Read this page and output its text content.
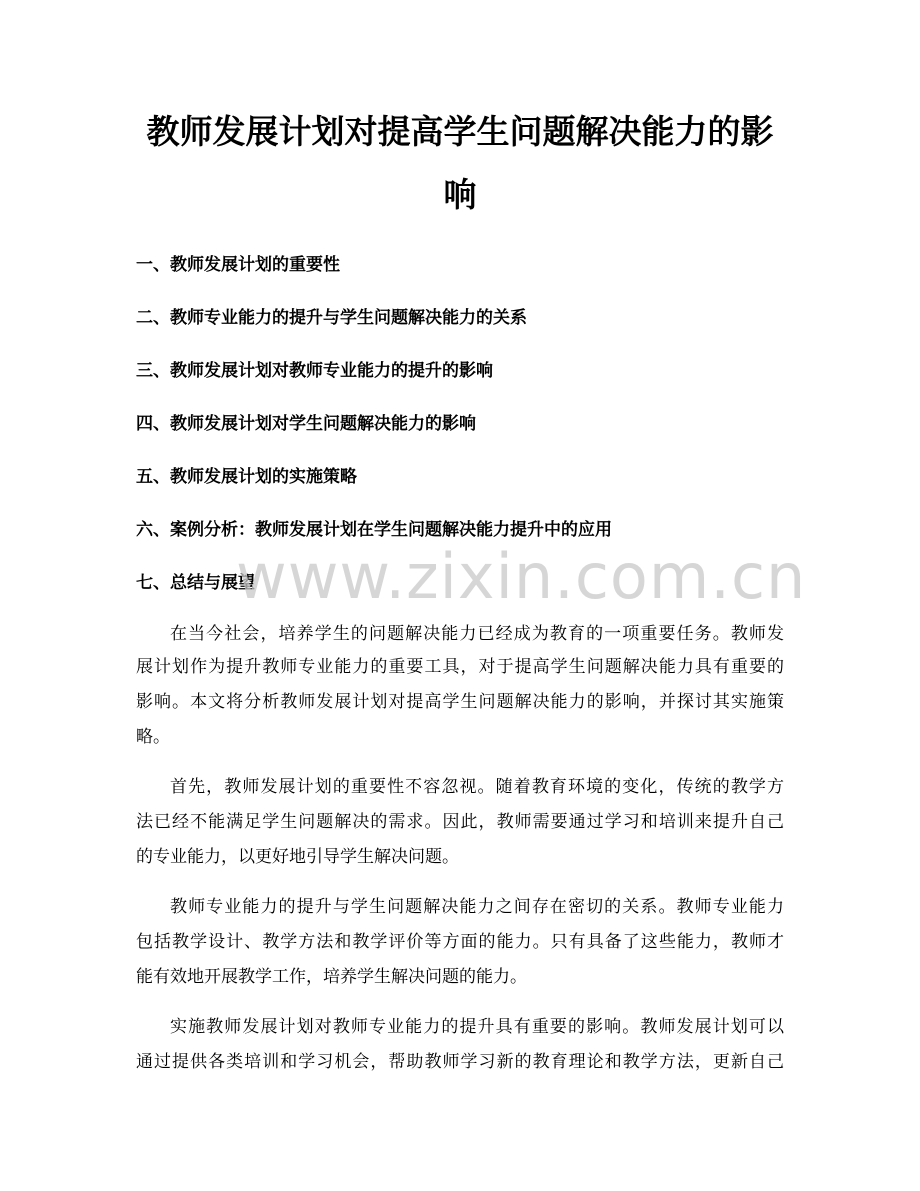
教师发展计划对提高学生问题解决能力的影
响
一、教师发展计划的重要性
二、教师专业能力的提升与学生问题解决能力的关系
三、教师发展计划对教师专业能力的提升的影响
四、教师发展计划对学生问题解决能力的影响
五、教师发展计划的实施策略
六、案例分析：教师发展计划在学生问题解决能力提升中的应用
七、总结与展望
在当今社会，培养学生的问题解决能力已经成为教育的一项重要任务。教师发
展计划作为提升教师专业能力的重要工具，对于提高学生问题解决能力具有重要的
影响。本文将分析教师发展计划对提高学生问题解决能力的影响，并探讨其实施策
略。
首先，教师发展计划的重要性不容忽视。随着教育环境的变化，传统的教学方
法已经不能满足学生问题解决的需求。因此，教师需要通过学习和培训来提升自己
的专业能力，以更好地引导学生解决问题。
教师专业能力的提升与学生问题解决能力之间存在密切的关系。教师专业能力
包括教学设计、教学方法和教学评价等方面的能力。只有具备了这些能力，教师才
能有效地开展教学工作，培养学生解决问题的能力。
实施教师发展计划对教师专业能力的提升具有重要的影响。教师发展计划可以
通过提供各类培训和学习机会，帮助教师学习新的教育理论和教学方法，更新自己
www.zixin.com.cn
